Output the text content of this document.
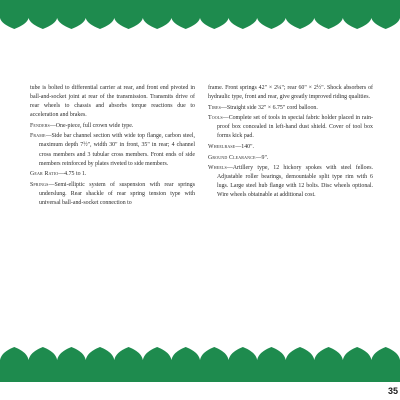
tube is bolted to differential carrier at rear, and front end pivoted in ball-and-socket joint at rear of the transmission. Transmits drive of rear wheels to chassis and absorbs torque reactions due to acceleration and brakes.

Fenders—One-piece, full crown wide type.

Frame—Side bar channel section with wide top flange, carbon steel, maximum depth 7½", width 30" in front, 35" in rear; 4 channel cross members and 3 tubular cross members. Front ends of side members reinforced by plates riveted to side members.

Gear Ratio—4.75 to 1.

Springs—Semi-elliptic system of suspension with rear springs underslung. Rear shackle of rear spring tension type with universal ball-and-socket connection to

frame. Front springs 42" × 2¼"; rear 60" × 2½". Shock absorbers of hydraulic type, front and rear, give greatly improved riding qualities.

Tires—Straight side 32" × 6.75" cord balloon.

Tools—Complete set of tools in special fabric holder placed in rain-proof box concealed in left-hand dust shield. Cover of tool box forms kick pad.

Wheelbase—140".

Ground Clearance—9".

Wheels—Artillery type, 12 hickory spokes with steel felloes. Adjustable roller bearings, demountable split type rim with 6 lugs. Large steel hub flange with 12 bolts. Disc wheels optional. Wire wheels obtainable at additional cost.

35
